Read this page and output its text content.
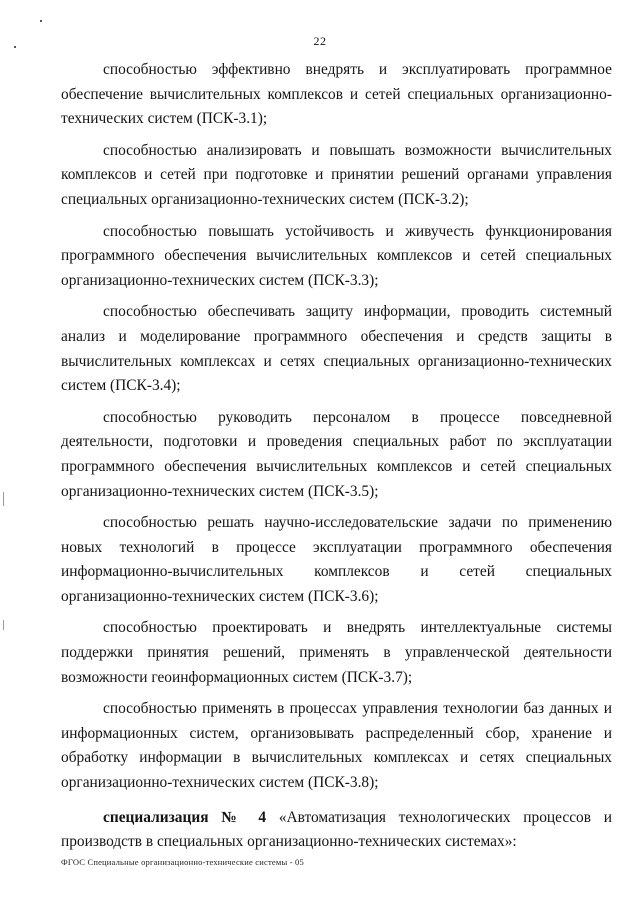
22

способностью эффективно внедрять и эксплуатировать программное обеспечение вычислительных комплексов и сетей специальных организационно-технических систем (ПСК-3.1);

способностью анализировать и повышать возможности вычислительных комплексов и сетей при подготовке и принятии решений органами управления специальных организационно-технических систем (ПСК-3.2);

способностью повышать устойчивость и живучесть функционирования программного обеспечения вычислительных комплексов и сетей специальных организационно-технических систем (ПСК-3.3);

способностью обеспечивать защиту информации, проводить системный анализ и моделирование программного обеспечения и средств защиты в вычислительных комплексах и сетях специальных организационно-технических систем (ПСК-3.4);

способностью руководить персоналом в процессе повседневной деятельности, подготовки и проведения специальных работ по эксплуатации программного обеспечения вычислительных комплексов и сетей специальных организационно-технических систем (ПСК-3.5);

способностью решать научно-исследовательские задачи по применению новых технологий в процессе эксплуатации программного обеспечения информационно-вычислительных комплексов и сетей специальных организационно-технических систем (ПСК-3.6);

способностью проектировать и внедрять интеллектуальные системы поддержки принятия решений, применять в управленческой деятельности возможности геоинформационных систем (ПСК-3.7);

способностью применять в процессах управления технологии баз данных и информационных систем, организовывать распределенный сбор, хранение и обработку информации в вычислительных комплексах и сетях специальных организационно-технических систем (ПСК-3.8);

специализация № 4 «Автоматизация технологических процессов и производств в специальных организационно-технических системах»:

ФГОС Специальные организационно-технические системы - 05
